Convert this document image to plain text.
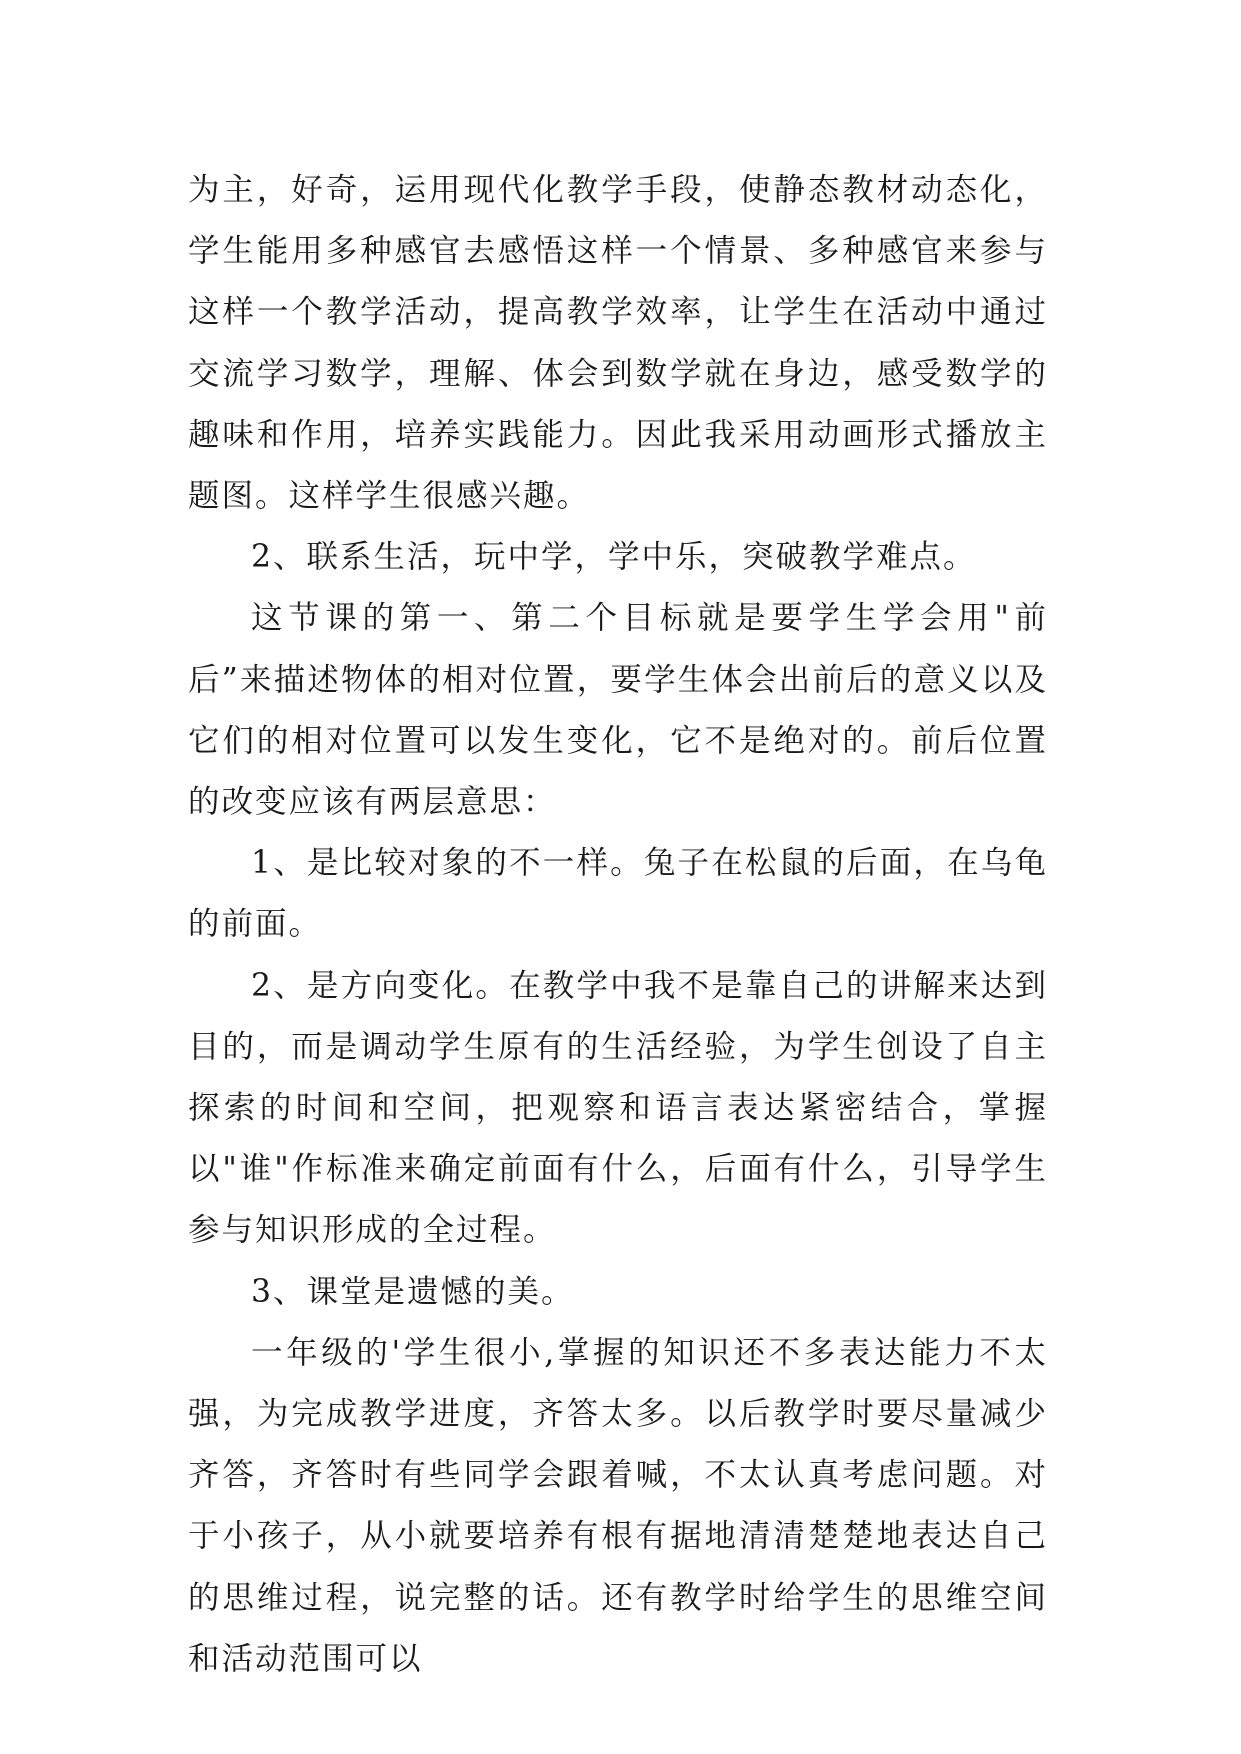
为主，好奇，运用现代化教学手段，使静态教材动态化，学生能用多种感官去感悟这样一个情景、多种感官来参与这样一个教学活动，提高教学效率，让学生在活动中通过交流学习数学，理解、体会到数学就在身边，感受数学的趣味和作用，培养实践能力。因此我采用动画形式播放主题图。这样学生很感兴趣。

2、联系生活，玩中学，学中乐，突破教学难点。

这节课的第一、第二个目标就是要学生学会用"前后”来描述物体的相对位置，要学生体会出前后的意义以及它们的相对位置可以发生变化，它不是绝对的。前后位置的改变应该有两层意思：

1、是比较对象的不一样。兔子在松鼠的后面，在乌龟的前面。

2、是方向变化。在教学中我不是靠自己的讲解来达到目的，而是调动学生原有的生活经验，为学生创设了自主探索的时间和空间，把观察和语言表达紧密结合，掌握以"谁"作标准来确定前面有什么，后面有什么，引导学生参与知识形成的全过程。

3、课堂是遗憾的美。

一年级的'学生很小,掌握的知识还不多表达能力不太强，为完成教学进度，齐答太多。以后教学时要尽量减少齐答，齐答时有些同学会跟着喊，不太认真考虑问题。对于小孩子，从小就要培养有根有据地清清楚楚地表达自己的思维过程，说完整的话。还有教学时给学生的思维空间和活动范围可以
